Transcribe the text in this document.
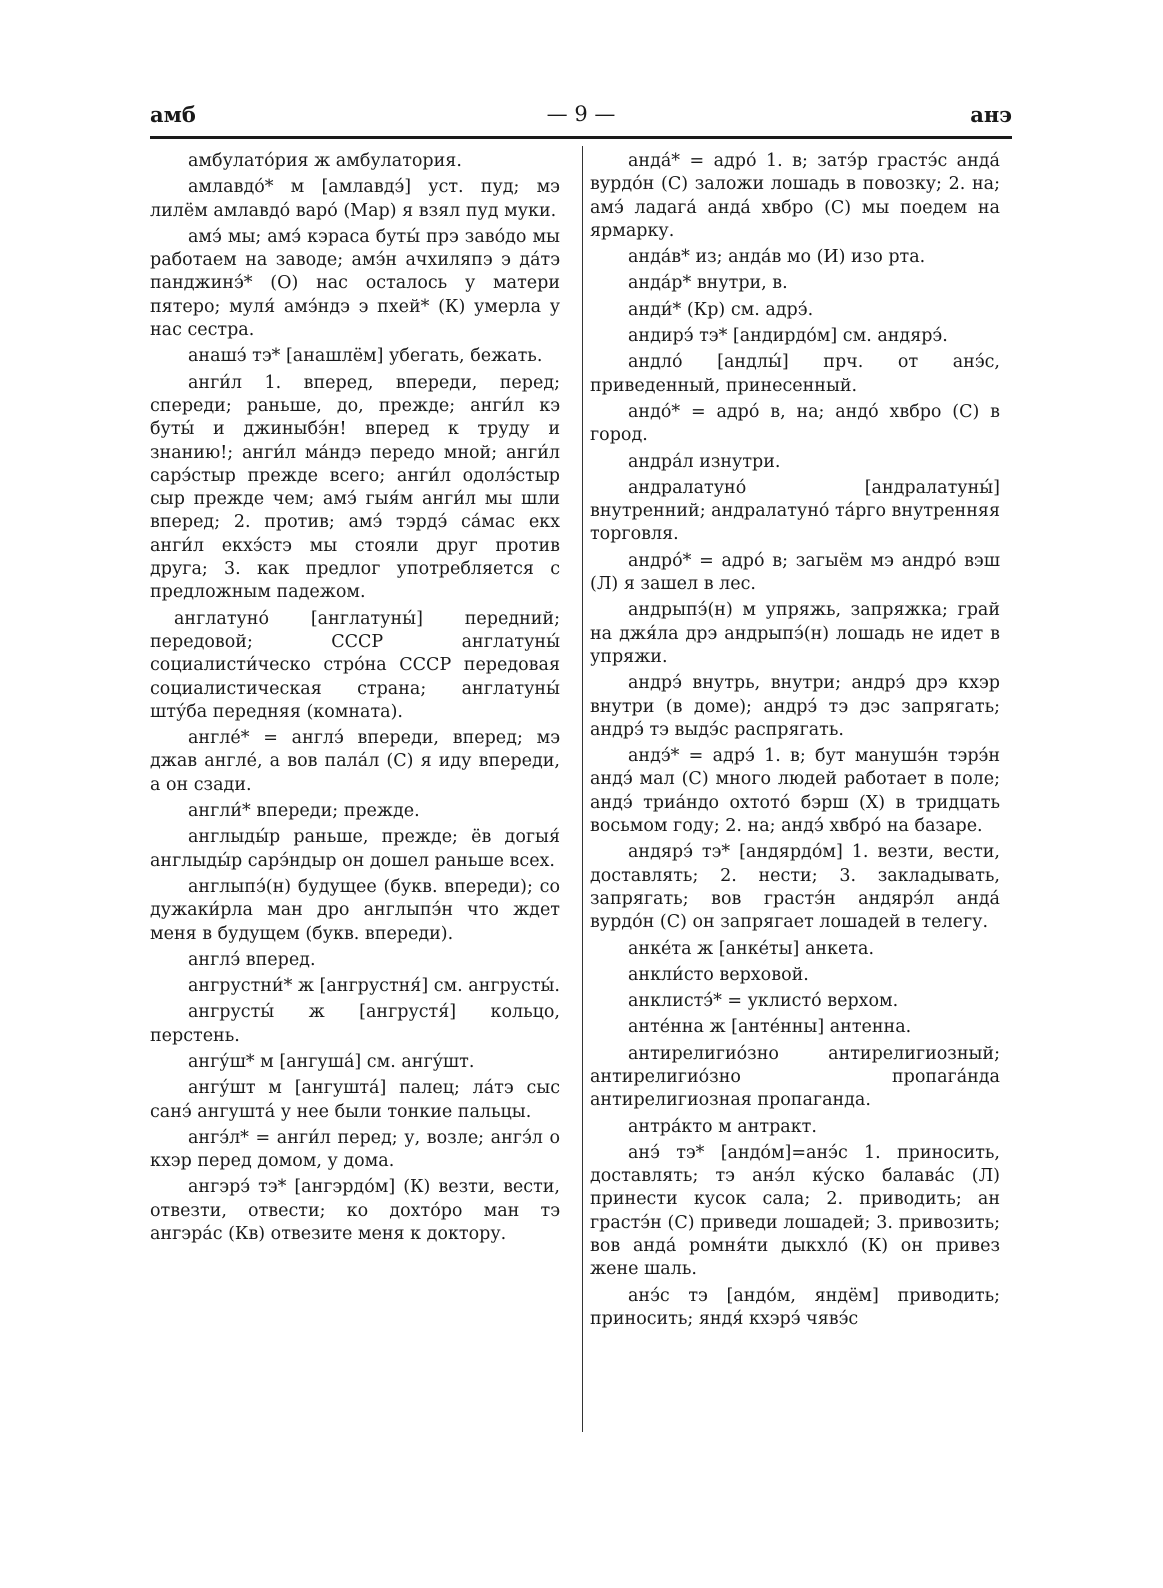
— 9 —
амб	анэ

амбулато́рия ж амбулатория.

амлавдо́* м [амлавдэ́] уст. пуд; мэ лилём амлавдо́ варо́ (Мар) я взял пуд муки.

амэ́ мы; амэ́ кэраса буты́ прэ заво́до мы работаем на заводе; амэ́н ачхиляпэ э да́тэ панджинэ́* (О) нас осталось у матери пятеро; муля́ амэ́ндэ э пхей* (К) умерла у нас сестра.

анашэ́ тэ* [анашлём] убегать, бежать.

анги́л 1. вперед, впереди, перед; спереди; раньше, до, прежде; анги́л кэ буты́ и джиныбэ́н! вперед к труду и знанию!; анги́л ма́ндэ передо мной; анги́л сарэ́стыр прежде всего; анги́л одолэ́стыр сыр прежде чем; амэ́ гыя́м анги́л мы шли вперед; 2. против; амэ́ тэрдэ́ са́мас екх анги́л екхэ́стэ мы стояли друг против друга; 3. как предлог употребляется с предложным падежом.

англатуно́ [англатуны́] передний; передовой; СССР англатуны́ социалисти́ческо стро́на СССР передовая социалистическая страна; англатуны́ шту́ба передняя (комната).

англе́* = англэ́ впереди, вперед; мэ джав англе́, а вов пала́л (С) я иду впереди, а он сзади.

англи́* впереди; прежде.

англыды́р раньше, прежде; ёв догыя́ англыды́р сарэ́ндыр он дошел раньше всех.

англыпэ́(н) будущее (букв. впереди); со дужаки́рла ман дро англыпэ́н что ждет меня в будущем (букв. впереди).

англэ́ вперед.

ангрустни́* ж [ангрустня́] см. ангрусты́.

ангрусты́ ж [ангрустя́] кольцо, перстень.

ангу́ш* м [ангуша́] см. ангу́шт.

ангу́шт м [ангушта́] палец; ла́тэ сыс санэ́ ангушта́ у нее были тонкие пальцы.

ангэ́л* = анги́л перед; у, возле; ангэ́л о кхэр перед домом, у дома.

ангэрэ́ тэ* [ангэрдо́м] (К) везти, вести, отвезти, отвести; ко дохто́ро ман тэ ангэра́с (Кв) отвезите меня к доктору.

анда́* = адро́ 1. в; затэ́р грастэ́с анда́ вурдо́н (С) заложи лошадь в повозку; 2. на; амэ́ ладага́ анда́ хвбро (С) мы поедем на ярмарку.

анда́в* из; анда́в мо (И) изо рта.

анда́р* внутри, в.

анди́* (Кр) см. адрэ́.

андирэ́ тэ* [андирдо́м] см. андярэ́.

андло́ [андлы́] прч. от анэ́с, приведенный, принесенный.

андо́* = адро́ в, на; андо́ хвбро (С) в город.

андра́л изнутри.

андралатуно́ [андралатуны́] внутренний; андралатуно́ та́рго внутренняя торговля.

андро́* = адро́ в; загыём мэ андро́ вэш (Л) я зашел в лес.

андрыпэ́(н) м упряжь, запряжка; грай на джя́ла дрэ андрыпэ́(н) лошадь не идет в упряжи.

андрэ́ внутрь, внутри; андрэ́ дрэ кхэр внутри (в доме); андрэ́ тэ дэс запрягать; андрэ́ тэ выдэ́с распрягать.

андэ́* = адрэ́ 1. в; бут манушэ́н тэрэ́н андэ́ мал (С) много людей работает в поле; андэ́ триа́ндо охтото́ бэрш (Х) в тридцать восьмом году; 2. на; андэ́ хвбро́ на базаре.

андярэ́ тэ* [андярдо́м] 1. везти, вести, доставлять; 2. нести; 3. закладывать, запрягать; вов грастэ́н андярэ́л анда́ вурдо́н (С) он запрягает лошадей в телегу.

анке́та ж [анке́ты] анкета.

анкли́сто верховой.

анклистэ́* = уклисто́ верхом.

анте́нна ж [анте́нны] антенна.

антирелигио́зно антирелигиозный; антирелигио́зно пропага́нда антирелигиозная пропаганда.

антра́кто м антракт.

анэ́ тэ* [андо́м]=анэ́с 1. приносить, доставлять; тэ анэ́л ку́ско балава́с (Л) принести кусок сала; 2. приводить; ан грастэ́н (С) приведи лошадей; 3. привозить; вов анда́ ромня́ти дыкхло́ (К) он привез жене шаль.

анэ́с тэ [андо́м, яндём] приводить; приносить; яндя́ кхэрэ́ чявэ́с
